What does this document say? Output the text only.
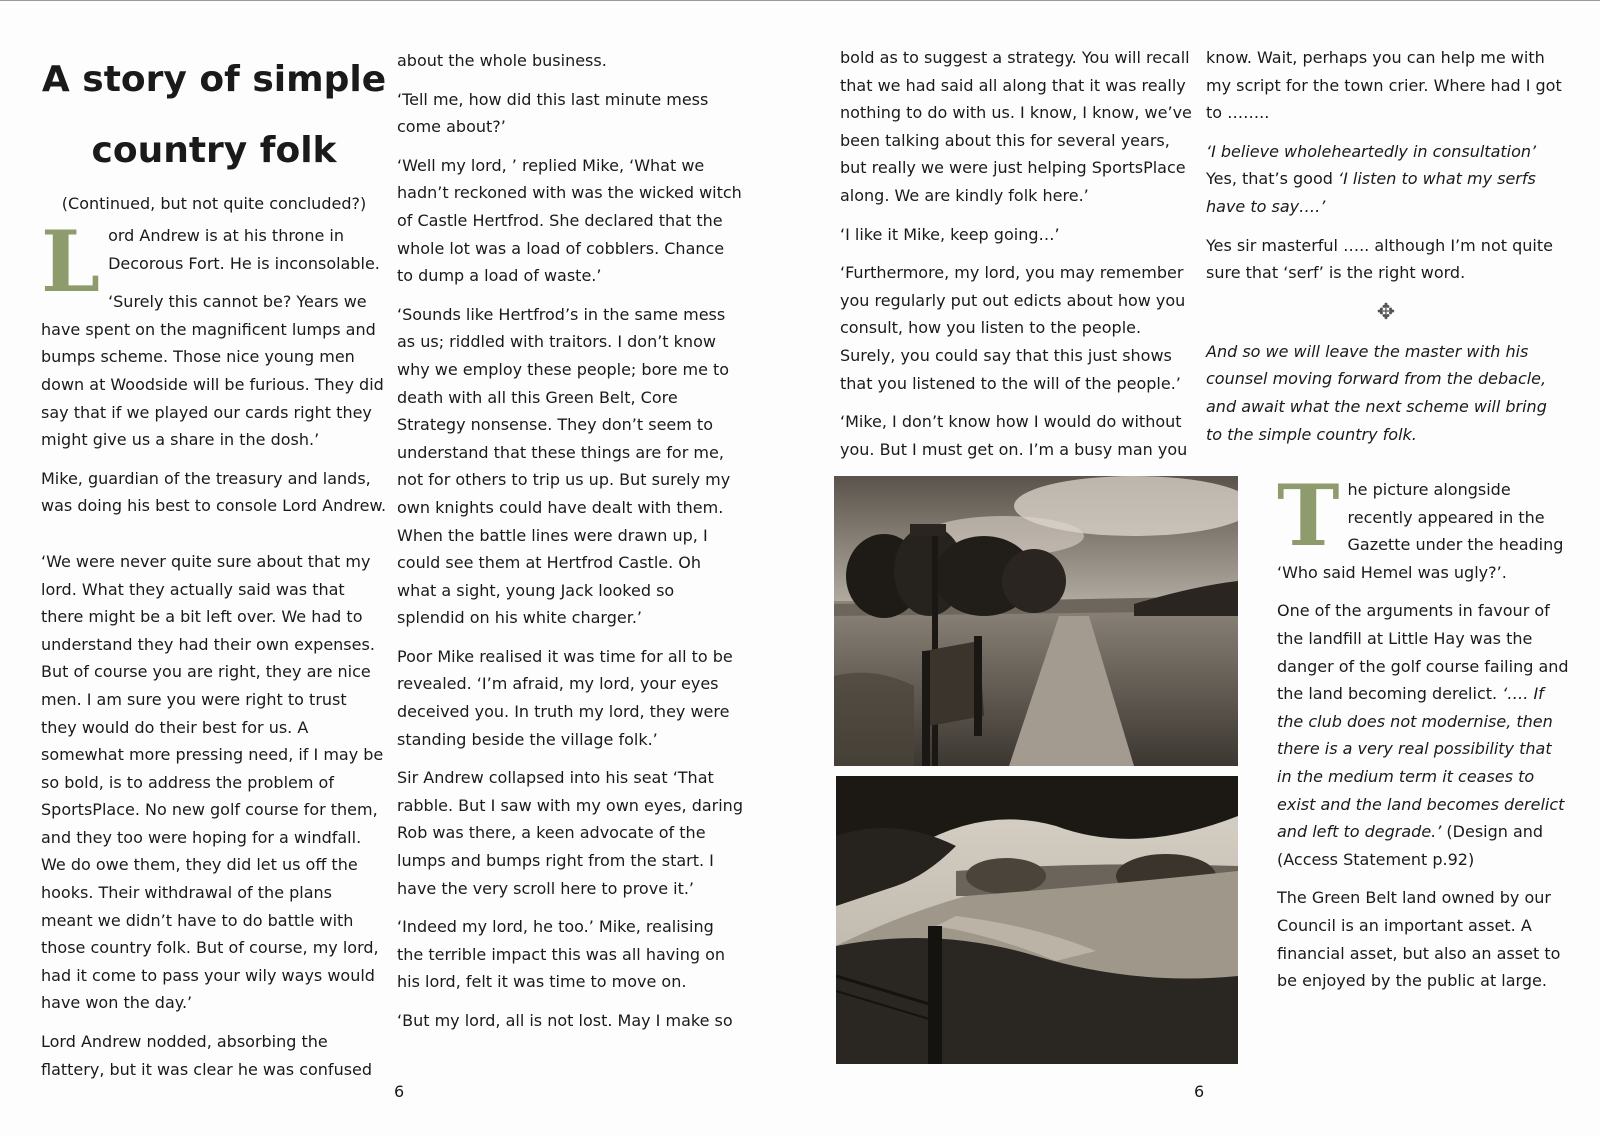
A story of simple

country folk

(Continued, but not quite concluded?)

Lord Andrew is at his throne in Decorous Fort. He is inconsolable.

‘Surely this cannot be? Years we have spent on the magnificent lumps and bumps scheme. Those nice young men down at Woodside will be furious. They did say that if we played our cards right they might give us a share in the dosh.’

Mike, guardian of the treasury and lands, was doing his best to console Lord Andrew.

‘We were never quite sure about that my lord. What they actually said was that there might be a bit left over. We had to understand they had their own expenses. But of course you are right, they are nice men. I am sure you were right to trust they would do their best for us. A somewhat more pressing need, if I may be so bold, is to address the problem of SportsPlace. No new golf course for them, and they too were hoping for a windfall. We do owe them, they did let us off the hooks. Their withdrawal of the plans meant we didn’t have to do battle with those country folk. But of course, my lord, had it come to pass your wily ways would have won the day.’

Lord Andrew nodded, absorbing the flattery, but it was clear he was confused

about the whole business.

‘Tell me, how did this last minute mess come about?’

‘Well my lord, ’ replied Mike, ‘What we hadn’t reckoned with was the wicked witch of Castle Hertfrod. She declared that the whole lot was a load of cobblers. Chance to dump a load of waste.’

‘Sounds like Hertfrod’s in the same mess as us; riddled with traitors. I don’t know why we employ these people; bore me to death with all this Green Belt, Core Strategy nonsense. They don’t seem to understand that these things are for me, not for others to trip us up. But surely my own knights could have dealt with them. When the battle lines were drawn up, I could see them at Hertfrod Castle. Oh what a sight, young Jack looked so splendid on his white charger.’

Poor Mike realised it was time for all to be revealed. ‘I’m afraid, my lord, your eyes deceived you. In truth my lord, they were standing beside the village folk.’

Sir Andrew collapsed into his seat ‘That rabble. But I saw with my own eyes, daring Rob was there, a keen advocate of the lumps and bumps right from the start. I have the very scroll here to prove it.’

‘Indeed my lord, he too.’ Mike, realising the terrible impact this was all having on his lord, felt it was time to move on.

‘But my lord, all is not lost. May I make so

6

bold as to suggest a strategy. You will recall that we had said all along that it was really nothing to do with us. I know, I know, we’ve been talking about this for several years, but really we were just helping SportsPlace along. We are kindly folk here.’

‘I like it Mike, keep going…’

‘Furthermore, my lord, you may remember you regularly put out edicts about how you consult, how you listen to the people. Surely, you could say that this just shows that you listened to the will of the people.’

‘Mike, I don’t know how I would do without you. But I must get on. I’m a busy man you

know. Wait, perhaps you can help me with my script for the town crier. Where had I got to ……..

‘I believe wholeheartedly in consultation’ Yes, that’s good ‘I listen to what my serfs have to say….’

Yes sir masterful ….. although I’m not quite sure that ‘serf’ is the right word.

✥

And so we will leave the master with his counsel moving forward from the debacle, and await what the next scheme will bring to the simple country folk.

The picture alongside recently appeared in the Gazette under the heading ‘Who said Hemel was ugly?’.

One of the arguments in favour of the landfill at Little Hay was the danger of the golf course failing and the land becoming derelict. ‘…. If the club does not modernise, then there is a very real possibility that in the medium term it ceases to exist and the land becomes derelict and left to degrade.’ (Design and (Access Statement p.92)

The Green Belt land owned by our Council is an important asset. A financial asset, but also an asset to be enjoyed by the public at large.

6
